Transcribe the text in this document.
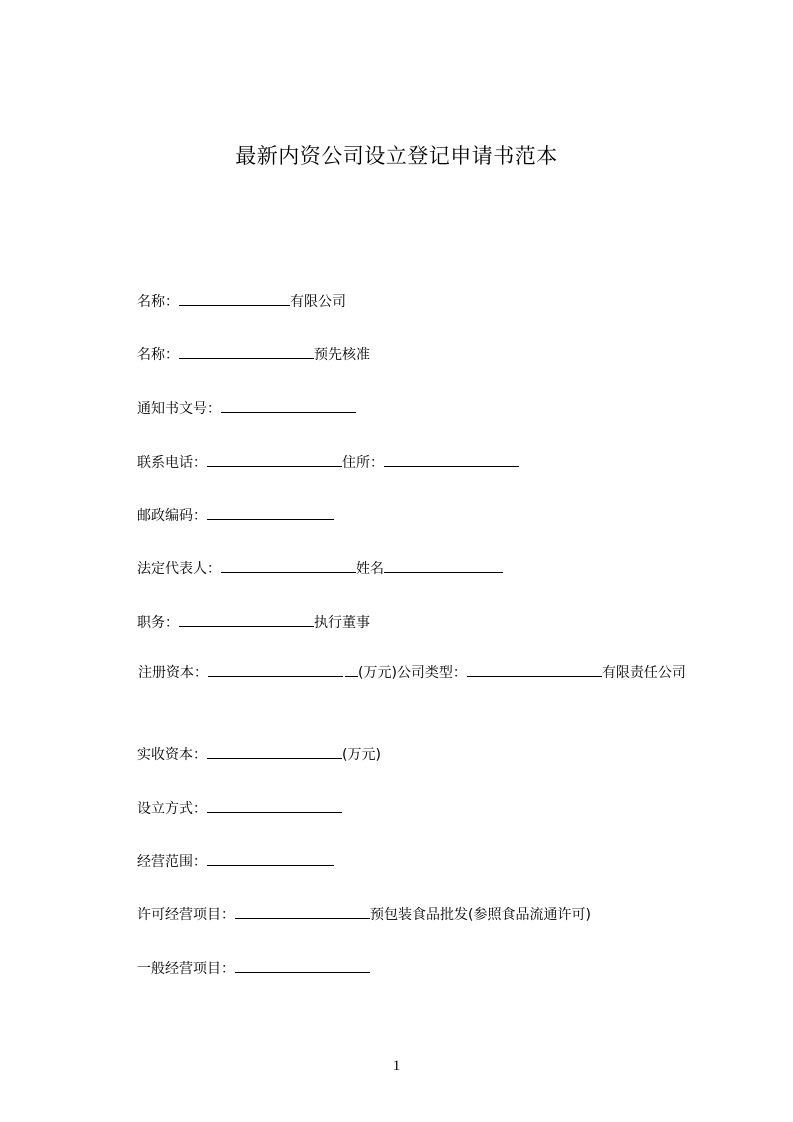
最新内资公司设立登记申请书范本
名称：	有限公司
名称：	预先核准
通知书文号：
联系电话：	住所：
邮政编码：
法定代表人：	姓名
职务：	执行董事
注册资本：	(万元)公司类型：	有限责任公司
实收资本：	(万元)
设立方式：
经营范围：
许可经营项目：	预包装食品批发(参照食品流通许可)
一般经营项目：
1
